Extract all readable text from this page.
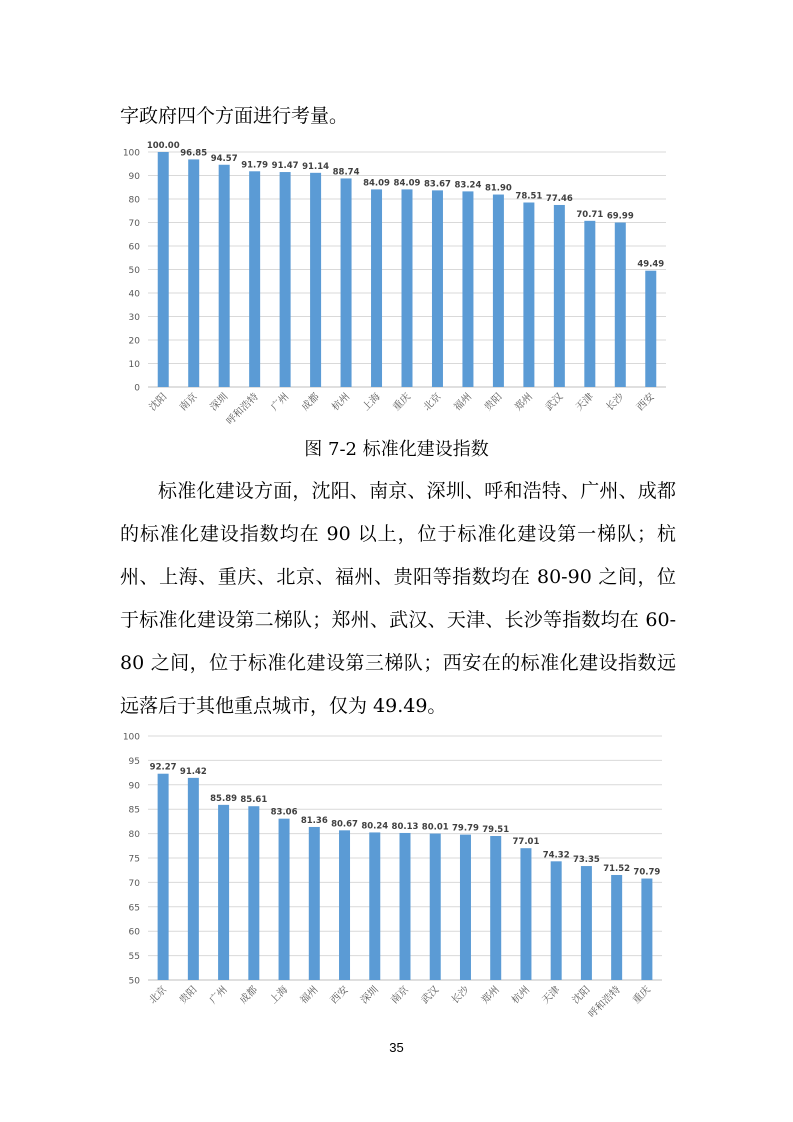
字政府四个方面进行考量。
0
10
20
30
40
50
60
70
80
90
100
100.00
沈阳
96.85
南京
94.57
深圳
91.79
呼和浩特
91.47
广州
91.14
成都
88.74
杭州
84.09
上海
84.09
重庆
83.67
北京
83.24
福州
81.90
贵阳
78.51
郑州
77.46
武汉
70.71
天津
69.99
长沙
49.49
西安
图 7-2 标准化建设指数
标准化建设方面，沈阳、南京、深圳、呼和浩特、广州、成都的标准化建设指数均在 90 以上，位于标准化建设第一梯队；杭州、上海、重庆、北京、福州、贵阳等指数均在 80-90 之间，位于标准化建设第二梯队；郑州、武汉、天津、长沙等指数均在 60-80 之间，位于标准化建设第三梯队；西安在的标准化建设指数远远落后于其他重点城市，仅为 49.49。
50
55
60
65
70
75
80
85
90
95
100
92.27
北京
91.42
贵阳
85.89
广州
85.61
成都
83.06
上海
81.36
福州
80.67
西安
80.24
深圳
80.13
南京
80.01
武汉
79.79
长沙
79.51
郑州
77.01
杭州
74.32
天津
73.35
沈阳
71.52
呼和浩特
70.79
重庆
35
